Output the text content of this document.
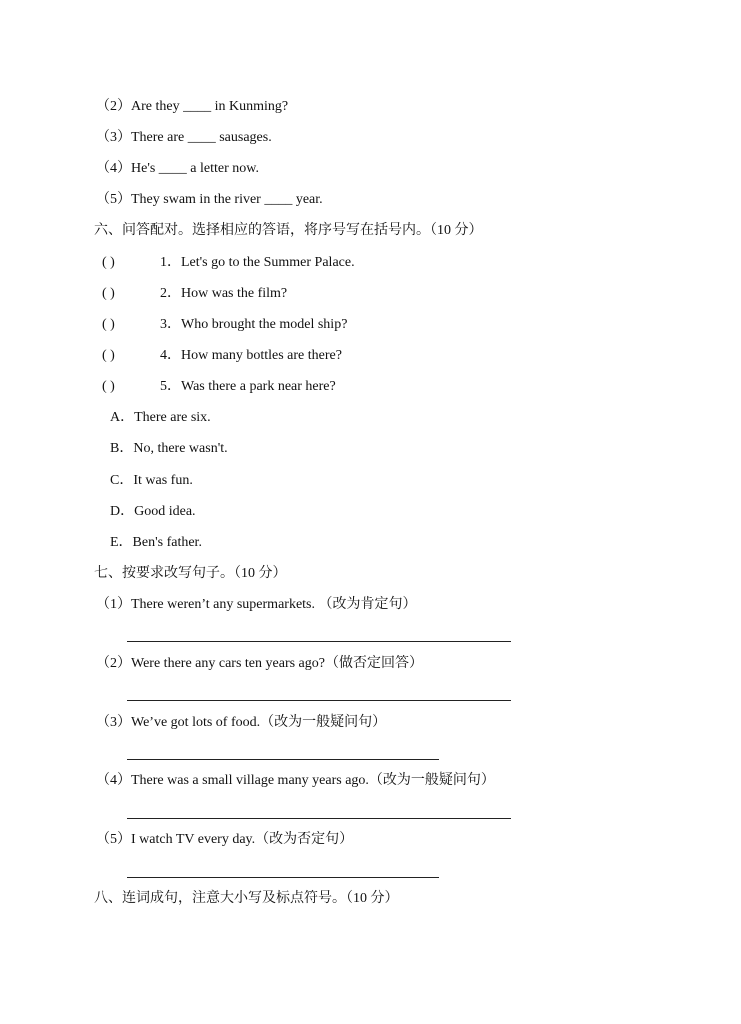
（2）Are they ____ in Kunming?
（3）There are ____ sausages.
（4）He's ____ a letter now.
（5）They swam in the river ____ year.
六、问答配对。选择相应的答语，将序号写在括号内。（10 分）
( )	1．Let's go to the Summer Palace.
( )	2．How was the film?
( )	3．Who brought the model ship?
( )	4．How many bottles are there?
( )	5．Was there a park near here?
A．There are six.
B．No, there wasn't.
C．It was fun.
D．Good idea.
E．Ben's father.
七、按要求改写句子。（10 分）
（1）There weren’t any supermarkets. （改为肯定句）
（2）Were there any cars ten years ago?（做否定回答）
（3）We’ve got lots of food.（改为一般疑问句）
（4）There was a small village many years ago.（改为一般疑问句）
（5）I watch TV every day.（改为否定句）
八、连词成句，注意大小写及标点符号。（10 分）
